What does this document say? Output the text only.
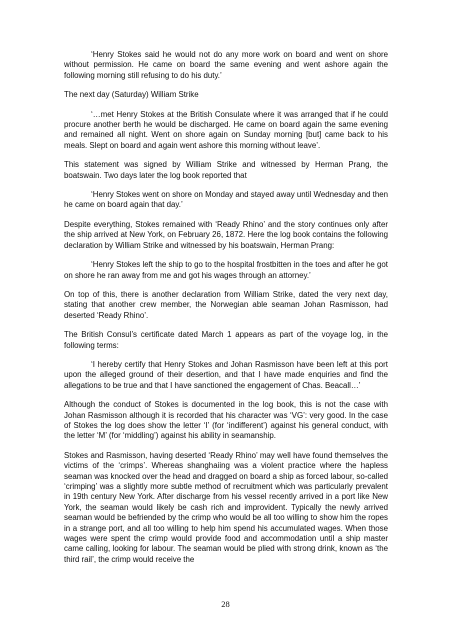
‘Henry Stokes said he would not do any more work on board and went on shore without permission. He came on board the same evening and went ashore again the following morning still refusing to do his duty.’

The next day (Saturday) William Strike

‘…met Henry Stokes at the British Consulate where it was arranged that if he could procure another berth he would be discharged. He came on board again the same evening and remained all night. Went on shore again on Sunday morning [but] came back to his meals. Slept on board and again went ashore this morning without leave’.

This statement was signed by William Strike and witnessed by Herman Prang, the boatswain. Two days later the log book reported that

‘Henry Stokes went on shore on Monday and stayed away until Wednesday and then he came on board again that day.’

Despite everything, Stokes remained with ‘Ready Rhino’ and the story continues only after the ship arrived at New York, on February 26, 1872. Here the log book contains the following declaration by William Strike and witnessed by his boatswain, Herman Prang:

‘Henry Stokes left the ship to go to the hospital frostbitten in the toes and after he got on shore he ran away from me and got his wages through an attorney.’

On top of this, there is another declaration from William Strike, dated the very next day, stating that another crew member, the Norwegian able seaman Johan Rasmisson, had deserted ‘Ready Rhino’.

The British Consul’s certificate dated March 1 appears as part of the voyage log, in the following terms:

‘I hereby certify that Henry Stokes and Johan Rasmisson have been left at this port upon the alleged ground of their desertion, and that I have made enquiries and find the allegations to be true and that I have sanctioned the engagement of Chas. Beacall…’

Although the conduct of Stokes is documented in the log book, this is not the case with Johan Rasmisson although it is recorded that his character was ‘VG’: very good. In the case of Stokes the log does show the letter ‘I’ (for ‘indifferent’) against his general conduct, with the letter ‘M’ (for ‘middling’) against his ability in seamanship.

Stokes and Rasmisson, having deserted ‘Ready Rhino’ may well have found themselves the victims of the ‘crimps’. Whereas shanghaiing was a violent practice where the hapless seaman was knocked over the head and dragged on board a ship as forced labour, so-called ‘crimping’ was a slightly more subtle method of recruitment which was particularly prevalent in 19th century New York. After discharge from his vessel recently arrived in a port like New York, the seaman would likely be cash rich and improvident. Typically the newly arrived seaman would be befriended by the crimp who would be all too willing to show him the ropes in a strange port, and all too willing to help him spend his accumulated wages. When those wages were spent the crimp would provide food and accommodation until a ship master came calling, looking for labour. The seaman would be plied with strong drink, known as ‘the third rail’, the crimp would receive the

28
